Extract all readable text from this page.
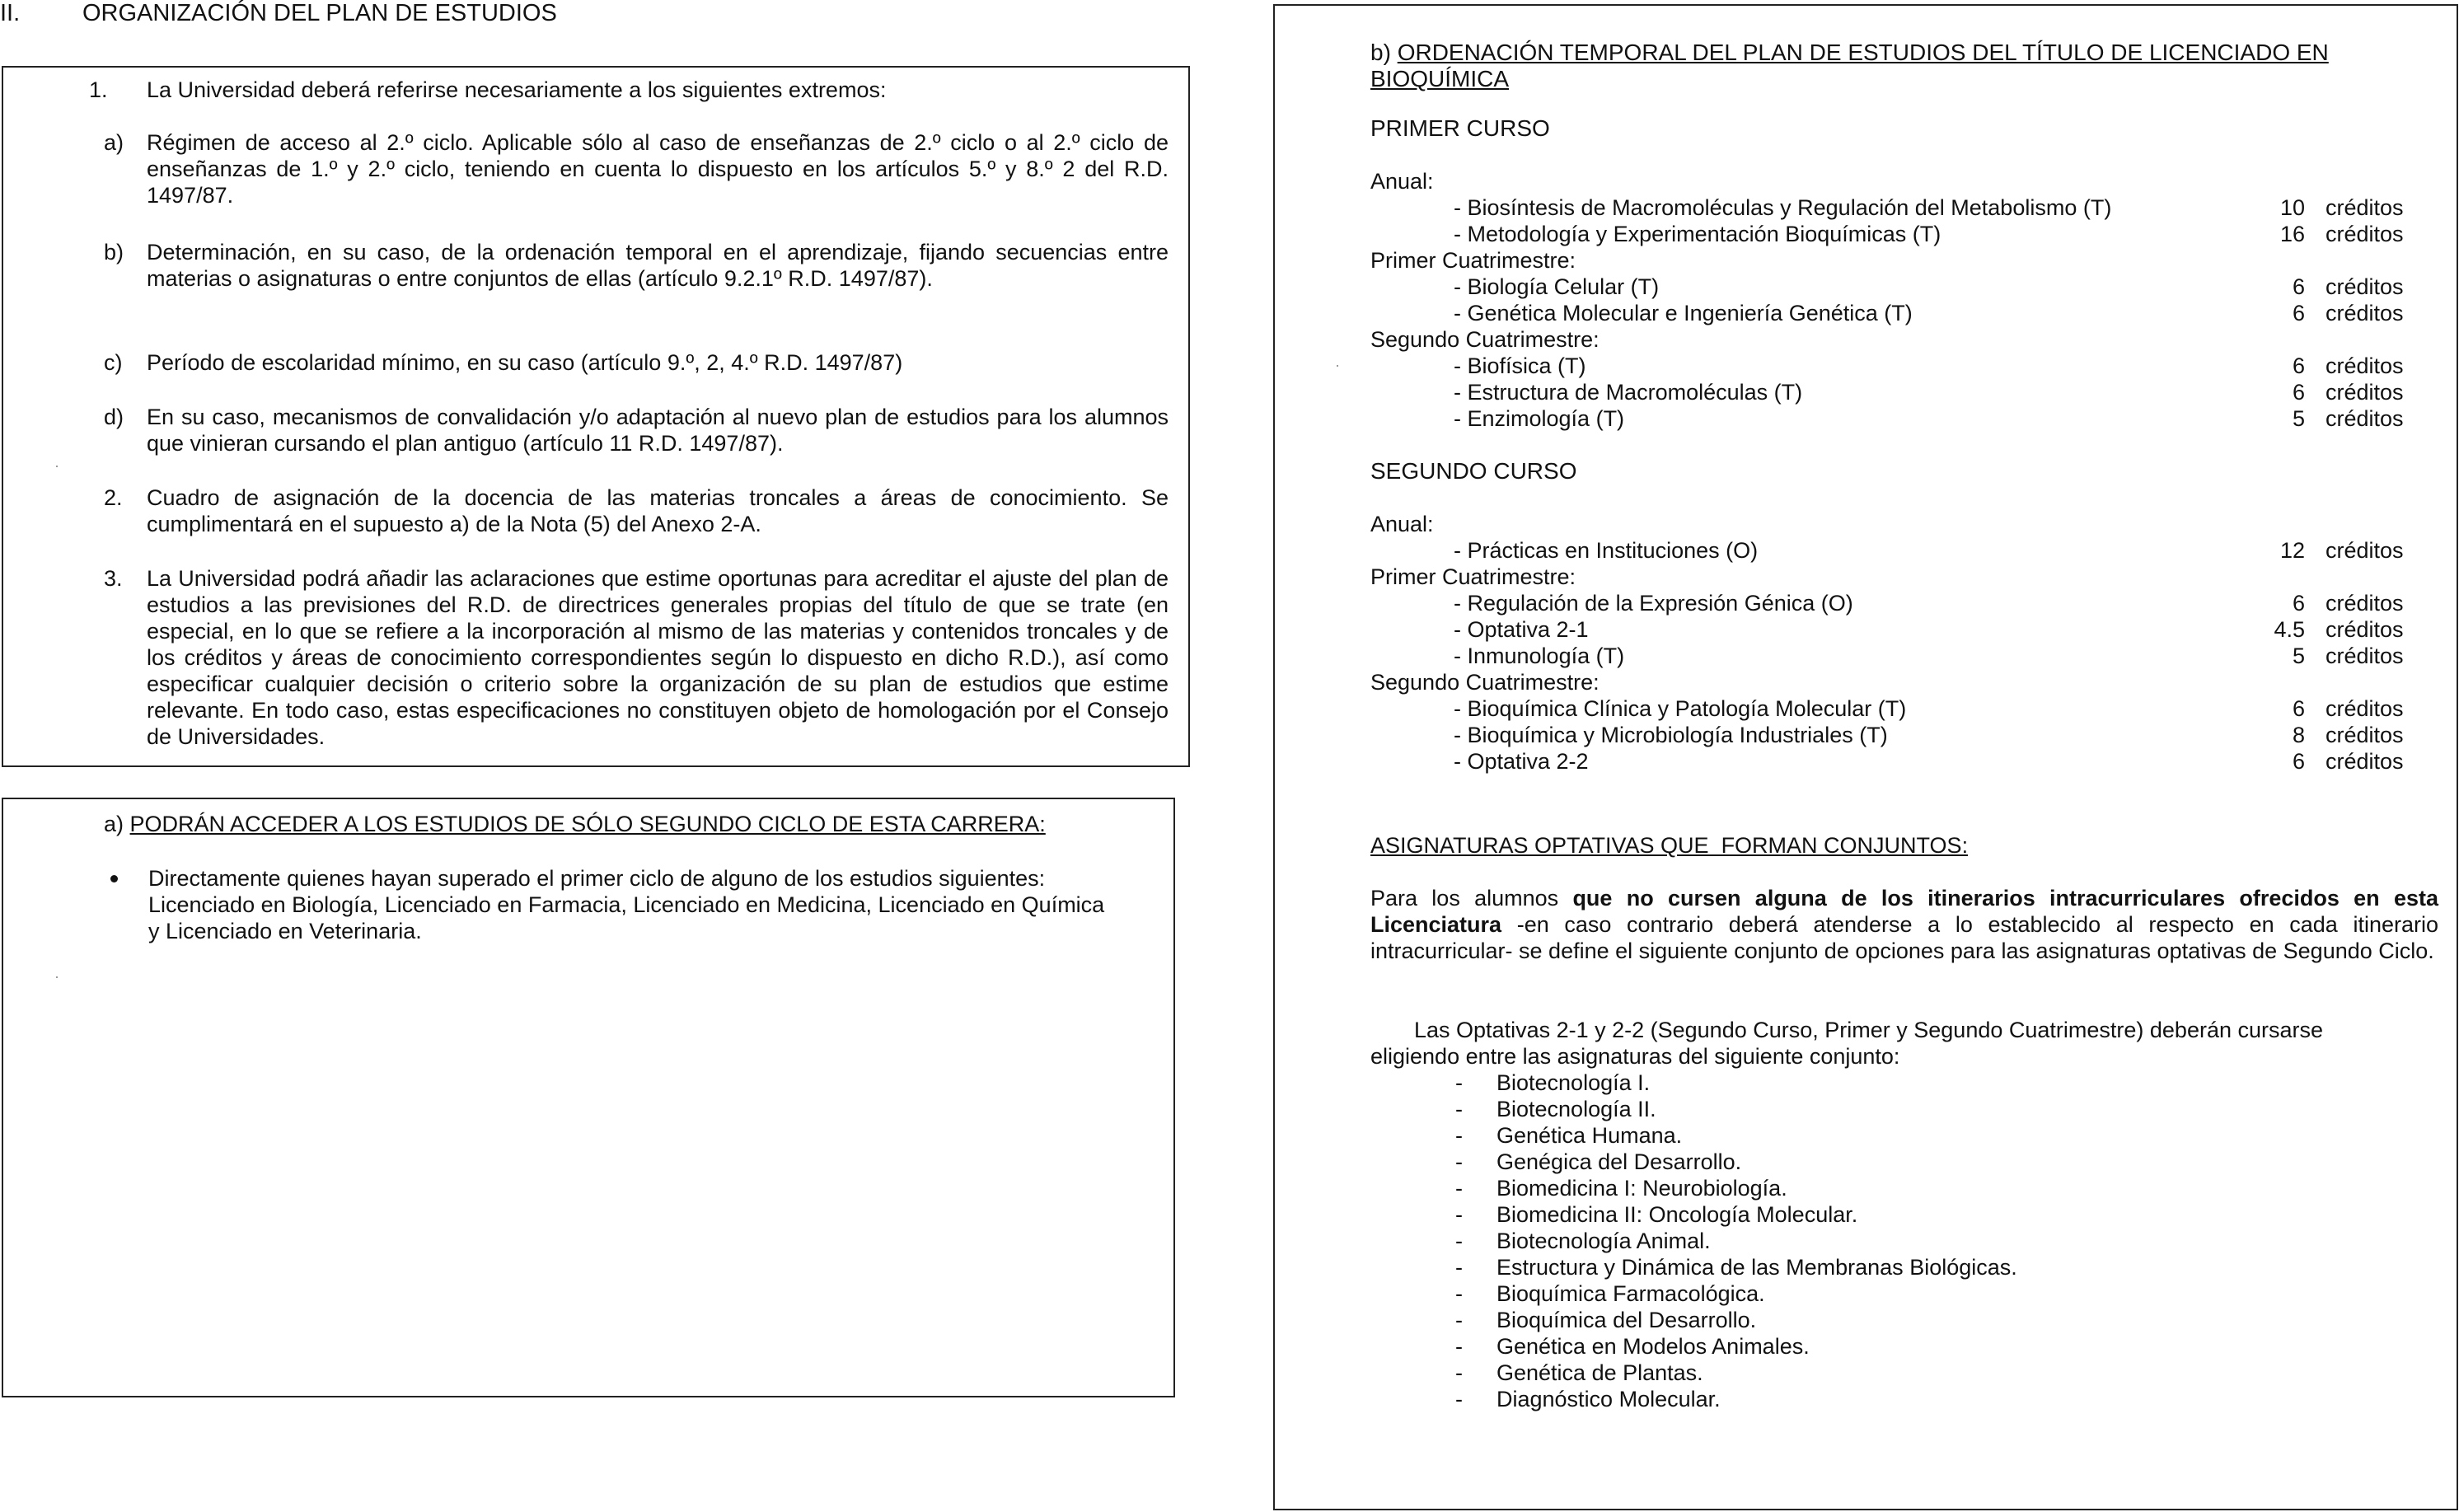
II.	ORGANIZACIÓN DEL PLAN DE ESTUDIOS
1.	La Universidad deberá referirse necesariamente a los siguientes extremos:

a)	Régimen de acceso al 2.º ciclo. Aplicable sólo al caso de enseñanzas de 2.º ciclo o al 2.º ciclo de enseñanzas de 1.º y 2.º ciclo, teniendo en cuenta lo dispuesto en los artículos 5.º y 8.º 2 del R.D. 1497/87.

b)	Determinación, en su caso, de la ordenación temporal en el aprendizaje, fijando secuencias entre materias o asignaturas o entre conjuntos de ellas (artículo 9.2.1º R.D. 1497/87).

c)	Período de escolaridad mínimo, en su caso (artículo 9.º, 2, 4.º R.D. 1497/87)

d)	En su caso, mecanismos de convalidación y/o adaptación al nuevo plan de estudios para los alumnos que vinieran cursando el plan antiguo (artículo 11 R.D. 1497/87).

2.	Cuadro de asignación de la docencia de las materias troncales a áreas de conocimiento. Se cumplimentará en el supuesto a) de la Nota (5) del Anexo 2-A.

3.	La Universidad podrá añadir las aclaraciones que estime oportunas para acreditar el ajuste del plan de estudios a las previsiones del R.D. de directrices generales propias del título de que se trate (en especial, en lo que se refiere a la incorporación al mismo de las materias y contenidos troncales y de los créditos y áreas de conocimiento correspondientes según lo dispuesto en dicho R.D.), así como especificar cualquier decisión o criterio sobre la organización de su plan de estudios que estime relevante. En todo caso, estas especificaciones no constituyen objeto de homologación por el Consejo de Universidades.

a) PODRÁN ACCEDER A LOS ESTUDIOS DE SÓLO SEGUNDO CICLO DE ESTA CARRERA:

Directamente quienes hayan superado el primer ciclo de alguno de los estudios siguientes: Licenciado en Biología, Licenciado en Farmacia, Licenciado en Medicina, Licenciado en Química y Licenciado en Veterinaria.

b) ORDENACIÓN TEMPORAL DEL PLAN DE ESTUDIOS DEL TÍTULO DE LICENCIADO EN BIOQUÍMICA
PRIMER CURSO
Anual:
- Biosíntesis de Macromoléculas y Regulación del Metabolismo (T)	10 créditos
- Metodología y Experimentación Bioquímicas (T)	16 créditos
Primer Cuatrimestre:
- Biología Celular (T)	6 créditos
- Genética Molecular e Ingeniería Genética (T)	6 créditos
Segundo Cuatrimestre:
- Biofísica (T)	6 créditos
- Estructura de Macromoléculas (T)	6 créditos
- Enzimología (T)	5 créditos
SEGUNDO CURSO
Anual:
- Prácticas en Instituciones (O)	12 créditos
Primer Cuatrimestre:
- Regulación de la Expresión Génica (O)	6 créditos
- Optativa 2-1	4.5 créditos
- Inmunología (T)	5 créditos
Segundo Cuatrimestre:
- Bioquímica Clínica y Patología Molecular (T)	6 créditos
- Bioquímica y Microbiología Industriales (T)	8 créditos
- Optativa 2-2	6 créditos
ASIGNATURAS OPTATIVAS QUE  FORMAN CONJUNTOS:
Para los alumnos que no cursen alguna de los itinerarios intracurriculares ofrecidos en esta Licenciatura -en caso contrario deberá atenderse a lo establecido al respecto en cada itinerario intracurricular- se define el siguiente conjunto de opciones para las asignaturas optativas de Segundo Ciclo.
Las Optativas 2-1 y 2-2 (Segundo Curso, Primer y Segundo Cuatrimestre) deberán cursarse eligiendo entre las asignaturas del siguiente conjunto:
- Biotecnología I.
- Biotecnología II.
- Genética Humana.
- Genégica del Desarrollo.
- Biomedicina I: Neurobiología.
- Biomedicina II: Oncología Molecular.
- Biotecnología Animal.
- Estructura y Dinámica de las Membranas Biológicas.
- Bioquímica Farmacológica.
- Bioquímica del Desarrollo.
- Genética en Modelos Animales.
- Genética de Plantas.
- Diagnóstico Molecular.
